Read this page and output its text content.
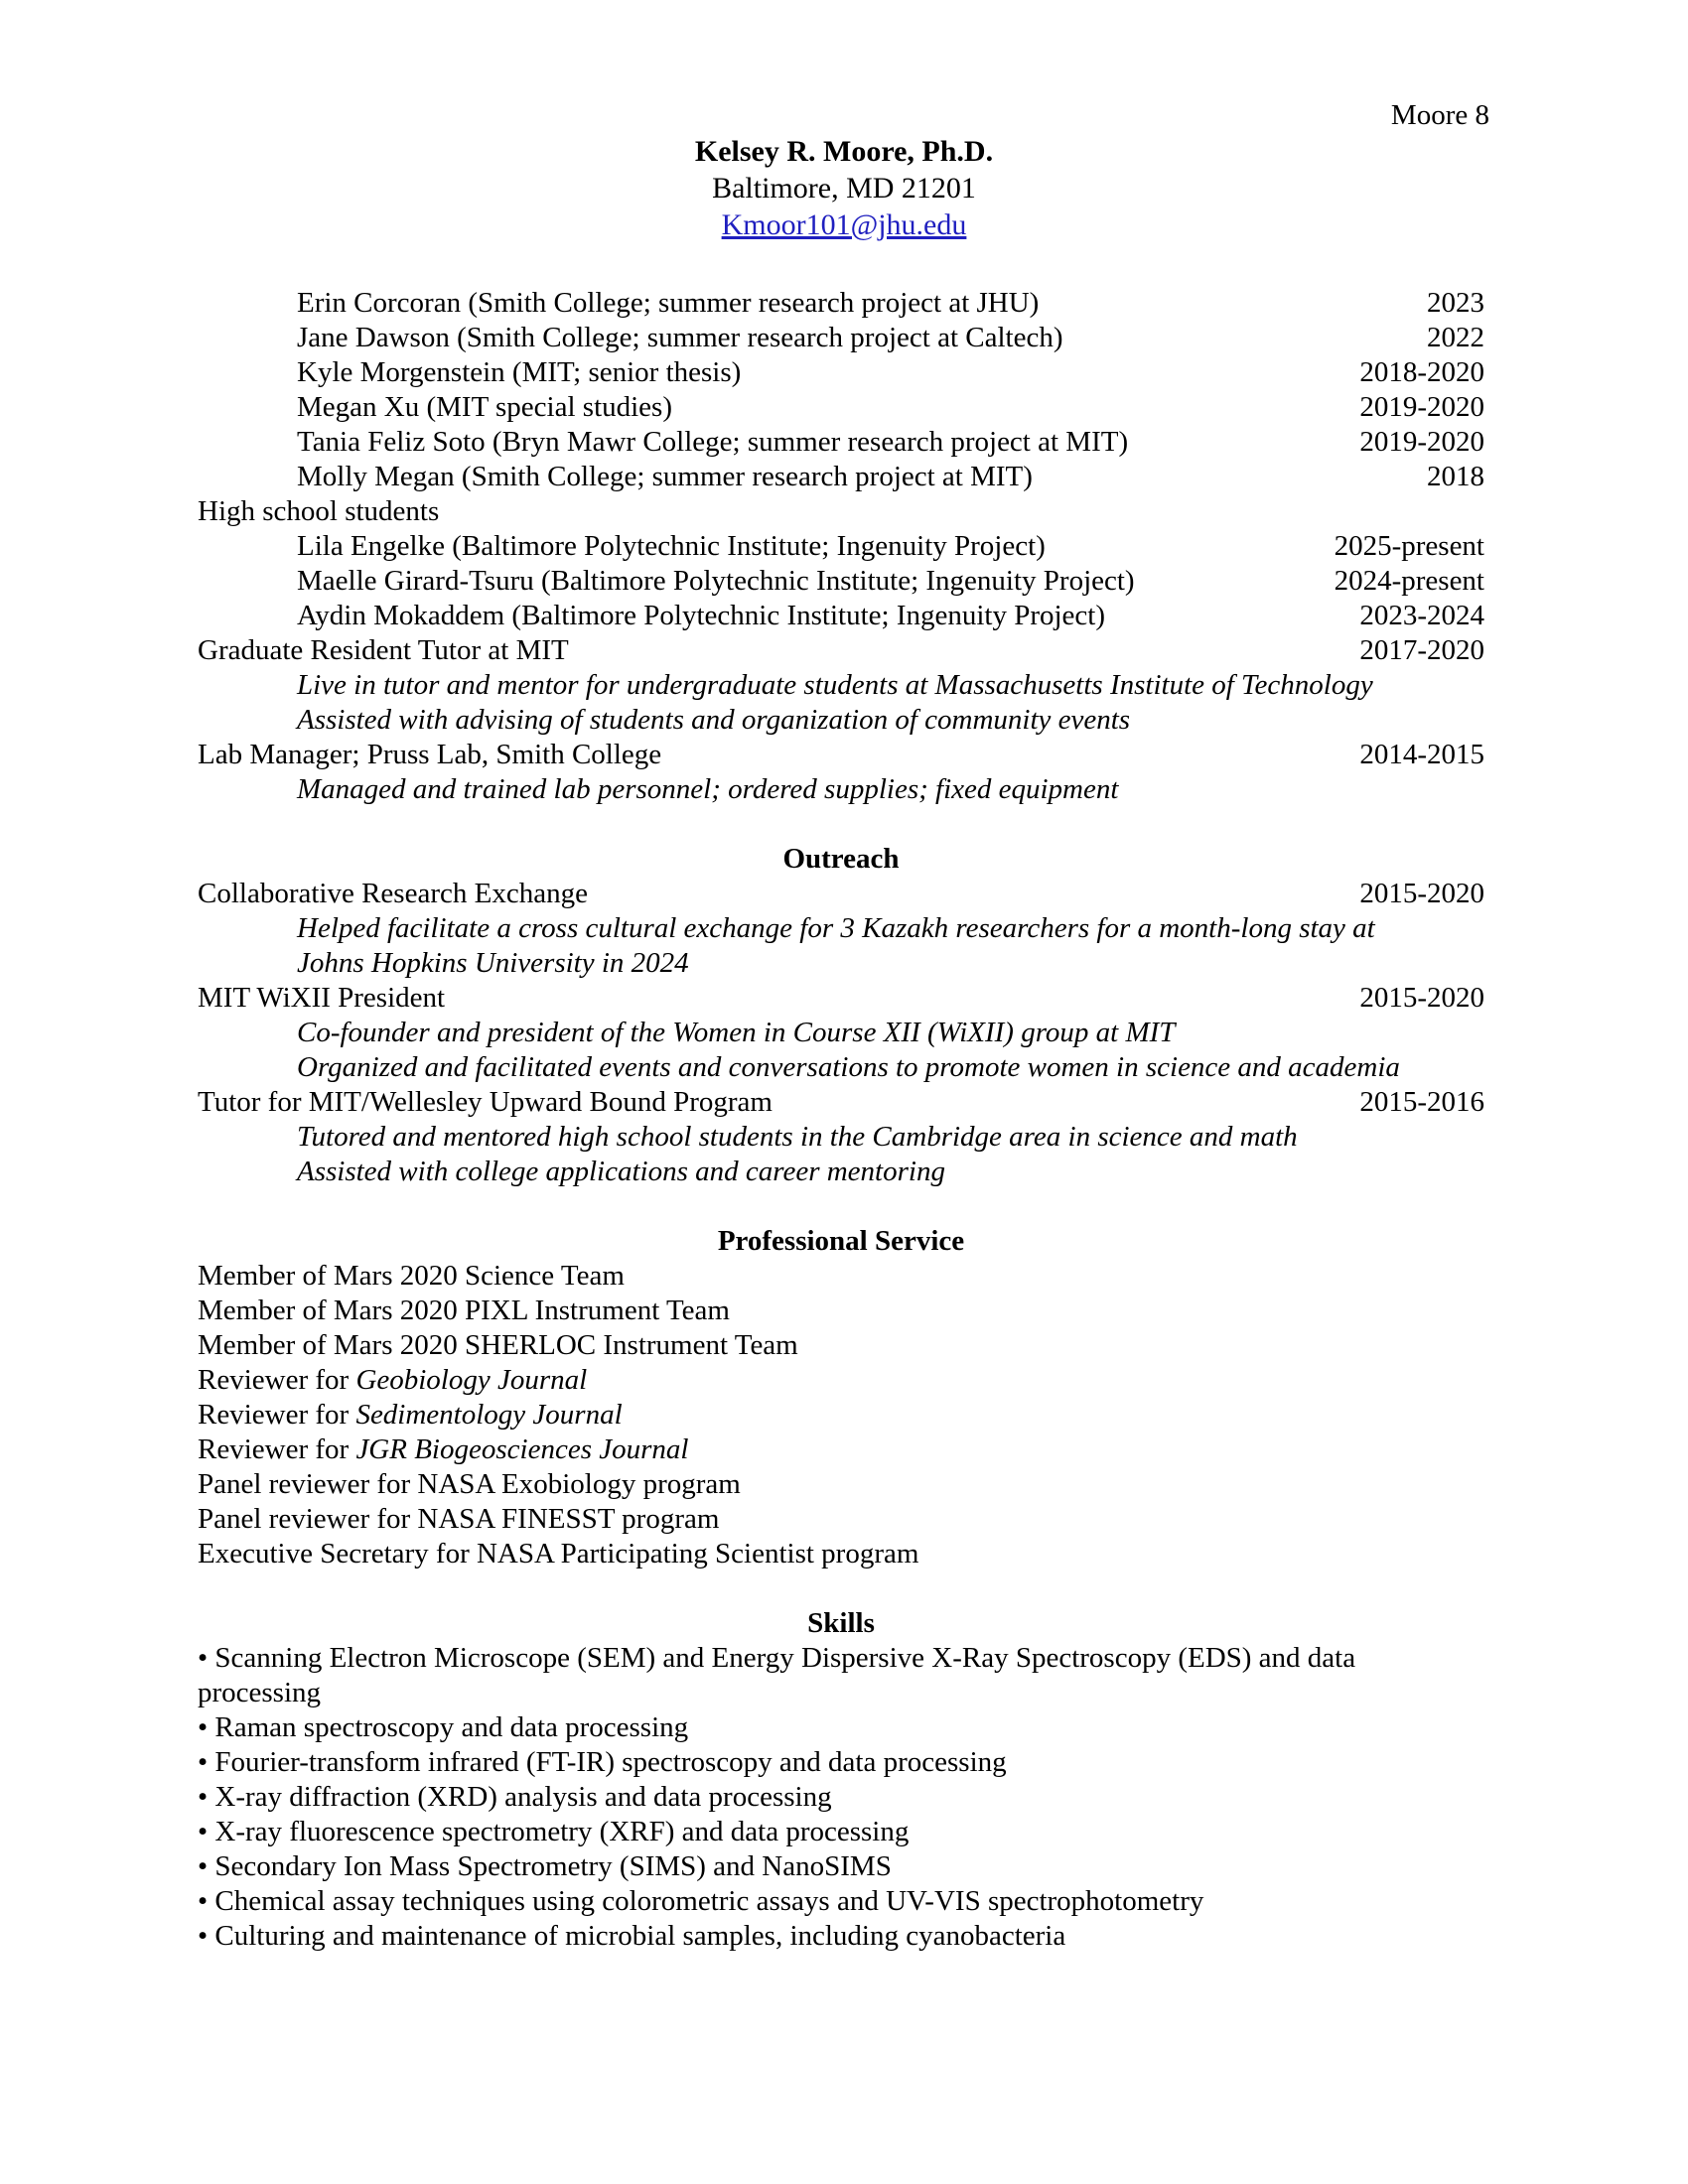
Moore 8
Kelsey R. Moore, Ph.D.
Baltimore, MD 21201
Kmoor101@jhu.edu
Erin Corcoran (Smith College; summer research project at JHU)	2023
Jane Dawson (Smith College; summer research project at Caltech)	2022
Kyle Morgenstein (MIT; senior thesis)	2018-2020
Megan Xu (MIT special studies)	2019-2020
Tania Feliz Soto (Bryn Mawr College; summer research project at MIT)	2019-2020
Molly Megan (Smith College; summer research project at MIT)	2018
High school students
Lila Engelke (Baltimore Polytechnic Institute; Ingenuity Project)	2025-present
Maelle Girard-Tsuru (Baltimore Polytechnic Institute; Ingenuity Project)	2024-present
Aydin Mokaddem (Baltimore Polytechnic Institute; Ingenuity Project)	2023-2024
Graduate Resident Tutor at MIT	2017-2020
Live in tutor and mentor for undergraduate students at Massachusetts Institute of Technology
Assisted with advising of students and organization of community events
Lab Manager; Pruss Lab, Smith College	2014-2015
Managed and trained lab personnel; ordered supplies; fixed equipment
Outreach
Collaborative Research Exchange	2015-2020
Helped facilitate a cross cultural exchange for 3 Kazakh researchers for a month-long stay at
Johns Hopkins University in 2024
MIT WiXII President	2015-2020
Co-founder and president of the Women in Course XII (WiXII) group at MIT
Organized and facilitated events and conversations to promote women in science and academia
Tutor for MIT/Wellesley Upward Bound Program	2015-2016
Tutored and mentored high school students in the Cambridge area in science and math
Assisted with college applications and career mentoring
Professional Service
Member of Mars 2020 Science Team
Member of Mars 2020 PIXL Instrument Team
Member of Mars 2020 SHERLOC Instrument Team
Reviewer for Geobiology Journal
Reviewer for Sedimentology Journal
Reviewer for JGR Biogeosciences Journal
Panel reviewer for NASA Exobiology program
Panel reviewer for NASA FINESST program
Executive Secretary for NASA Participating Scientist program
Skills
• Scanning Electron Microscope (SEM) and Energy Dispersive X-Ray Spectroscopy (EDS) and data processing
• Raman spectroscopy and data processing
• Fourier-transform infrared (FT-IR) spectroscopy and data processing
• X-ray diffraction (XRD) analysis and data processing
• X-ray fluorescence spectrometry (XRF) and data processing
• Secondary Ion Mass Spectrometry (SIMS) and NanoSIMS
• Chemical assay techniques using colorometric assays and UV-VIS spectrophotometry
• Culturing and maintenance of microbial samples, including cyanobacteria
